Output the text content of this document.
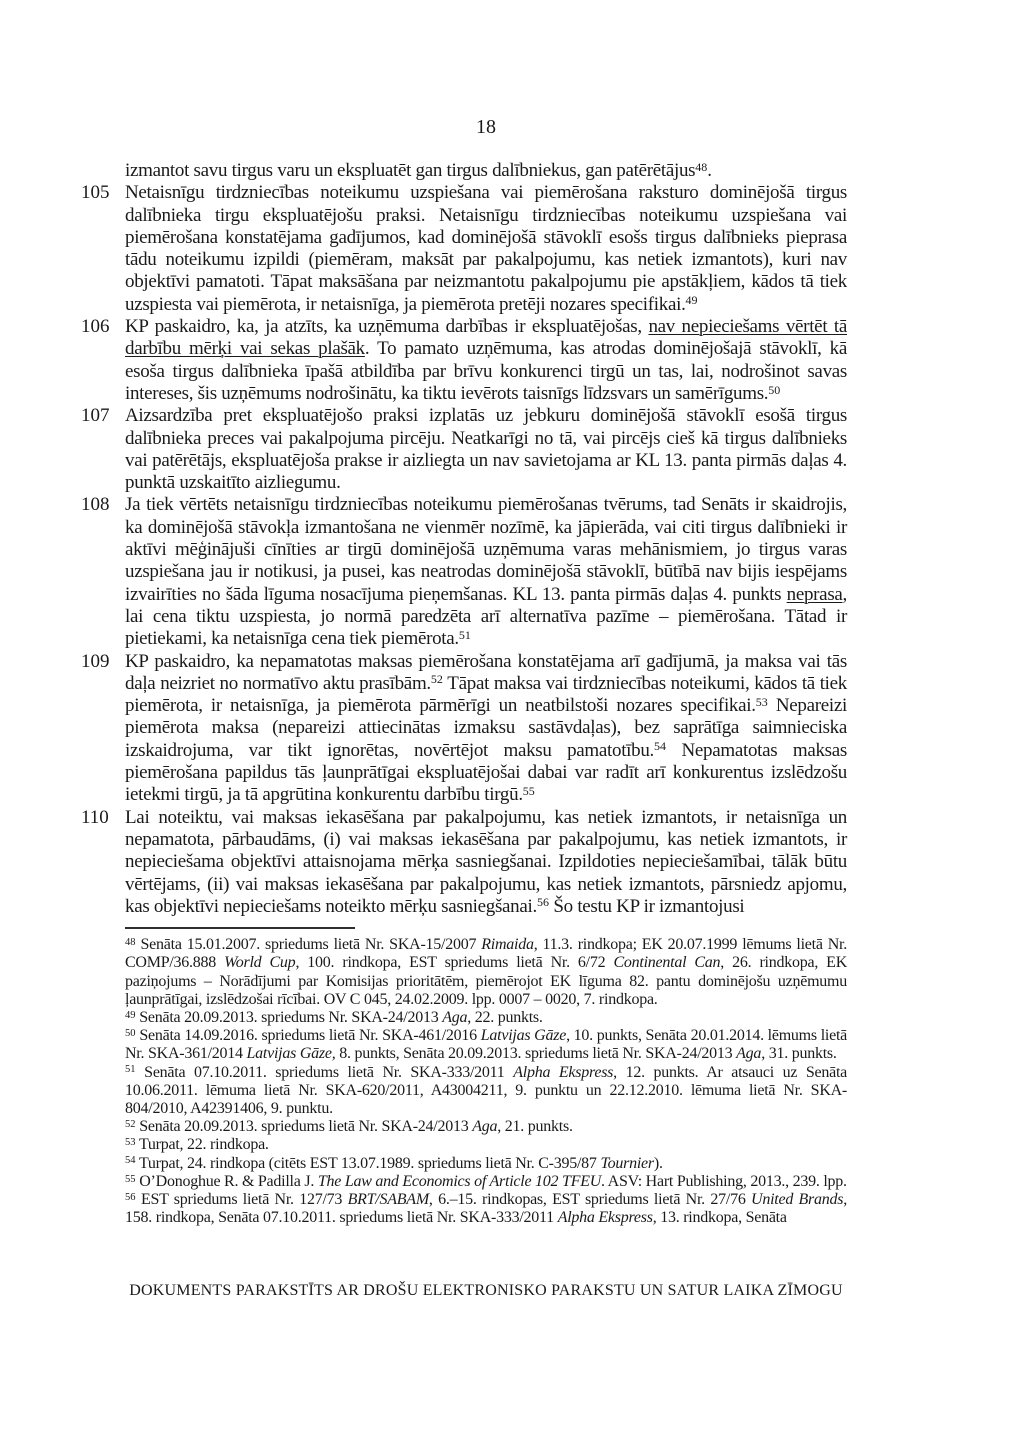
18
izmantot savu tirgus varu un ekspluatēt gan tirgus dalībniekus, gan patērētājus$^{48}$.
105 Netaisnīgu tirdzniecības noteikumu uzspiešana vai piemērošana raksturo dominējošā tirgus dalībnieka tirgu ekspluatējošu praksi. Netaisnīgu tirdzniecības noteikumu uzspiešana vai piemērošana konstatējama gadījumos, kad dominējošā stāvoklī esošs tirgus dalībnieks pieprasa tādu noteikumu izpildi (piemēram, maksāt par pakalpojumu, kas netiek izmantots), kuri nav objektīvi pamatoti. Tāpat maksāšana par neizmantotu pakalpojumu pie apstākļiem, kādos tā tiek uzspiesta vai piemērota, ir netaisnīga, ja piemērota pretēji nozares specifikai.$^{49}$
106 KP paskaidro, ka, ja atzīts, ka uzņēmuma darbības ir ekspluatējošas, nav nepieciešams vērtēt tā darbību mērķi vai sekas plašāk. To pamato uzņēmuma, kas atrodas dominējošajā stāvoklī, kā esoša tirgus dalībnieka īpašā atbildība par brīvu konkurenci tirgū un tas, lai, nodrošinot savas intereses, šis uzņēmums nodrošinātu, ka tiktu ievērots taisnīgs līdzsvars un samērīgums.$^{50}$
107 Aizsardzība pret ekspluatējošo praksi izplatās uz jebkuru dominējošā stāvoklī esošā tirgus dalībnieka preces vai pakalpojuma pircēju. Neatkarīgi no tā, vai pircējs cieš kā tirgus dalībnieks vai patērētājs, ekspluatējoša prakse ir aizliegta un nav savietojama ar KL 13. panta pirmās daļas 4. punktā uzskaitīto aizliegumu.
108 Ja tiek vērtēts netaisnīgu tirdzniecības noteikumu piemērošanas tvērums, tad Senāts ir skaidrojis, ka dominējošā stāvokļa izmantošana ne vienmēr nozīmē, ka jāpierāda, vai citi tirgus dalībnieki ir aktīvi mēģinājuši cīnīties ar tirgū dominējošā uzņēmuma varas mehānismiem, jo tirgus varas uzspiešana jau ir notikusi, ja pusei, kas neatrodas dominējošā stāvoklī, būtībā nav bijis iespējams izvairīties no šāda līguma nosacījuma pieņemšanas. KL 13. panta pirmās daļas 4. punkts neprasa, lai cena tiktu uzspiesta, jo normā paredzēta arī alternatīva pazīme – piemērošana. Tātad ir pietiekami, ka netaisnīga cena tiek piemērota.$^{51}$
109 KP paskaidro, ka nepamatotas maksas piemērošana konstatējama arī gadījumā, ja maksa vai tās daļa neizriet no normatīvo aktu prasībām.$^{52}$ Tāpat maksa vai tirdzniecības noteikumi, kādos tā tiek piemērota, ir netaisnīga, ja piemērota pārmērīgi un neatbilstoši nozares specifikai.$^{53}$ Nepareizi piemērota maksa (nepareizi attiecinātas izmaksu sastāvdaļas), bez saprātīga saimnieciska izskaidrojuma, var tikt ignorētas, novērtējot maksu pamatotību.$^{54}$ Nepamatotas maksas piemērošana papildus tās ļaunprātīgai ekspluatējošai dabai var radīt arī konkurentus izslēdzošu ietekmi tirgū, ja tā apgrūtina konkurentu darbību tirgū.$^{55}$
110 Lai noteiktu, vai maksas iekasēšana par pakalpojumu, kas netiek izmantots, ir netaisnīga un nepamatota, pārbaudāms, (i) vai maksas iekasēšana par pakalpojumu, kas netiek izmantots, ir nepieciešama objektīvi attaisnojama mērķa sasniegšanai. Izpildoties nepieciešamībai, tālāk būtu vērtējams, (ii) vai maksas iekasēšana par pakalpojumu, kas netiek izmantots, pārsniedz apjomu, kas objektīvi nepieciešams noteikto mērķu sasniegšanai.$^{56}$ Šo testu KP ir izmantojusi
$^{48}$ Senāta 15.01.2007. spriedums lietā Nr. SKA-15/2007 Rimaida, 11.3. rindkopa; EK 20.07.1999 lēmums lietā Nr. COMP/36.888 World Cup, 100. rindkopa, EST spriedums lietā Nr. 6/72 Continental Can, 26. rindkopa, EK paziņojums – Norādījumi par Komisijas prioritātēm, piemērojot EK līguma 82. pantu dominējošu uzņēmumu ļaunprātīgai, izslēdzošai rīcībai. OV C 045, 24.02.2009. lpp. 0007 – 0020, 7. rindkopa.
$^{49}$ Senāta 20.09.2013. spriedums Nr. SKA-24/2013 Aga, 22. punkts.
$^{50}$ Senāta 14.09.2016. spriedums lietā Nr. SKA-461/2016 Latvijas Gāze, 10. punkts, Senāta 20.01.2014. lēmums lietā Nr. SKA-361/2014 Latvijas Gāze, 8. punkts, Senāta 20.09.2013. spriedums lietā Nr. SKA-24/2013 Aga, 31. punkts.
$^{51}$ Senāta 07.10.2011. spriedums lietā Nr. SKA-333/2011 Alpha Ekspress, 12. punkts. Ar atsauci uz Senāta 10.06.2011. lēmuma lietā Nr. SKA-620/2011, A43004211, 9. punktu un 22.12.2010. lēmuma lietā Nr. SKA-804/2010, A42391406, 9. punktu.
$^{52}$ Senāta 20.09.2013. spriedums lietā Nr. SKA-24/2013 Aga, 21. punkts.
$^{53}$ Turpat, 22. rindkopa.
$^{54}$ Turpat, 24. rindkopa (citēts EST 13.07.1989. spriedums lietā Nr. C-395/87 Tournier).
$^{55}$ O’Donoghue R. & Padilla J. The Law and Economics of Article 102 TFEU. ASV: Hart Publishing, 2013., 239. lpp.
$^{56}$ EST spriedums lietā Nr. 127/73 BRT/SABAM, 6.–15. rindkopas, EST spriedums lietā Nr. 27/76 United Brands, 158. rindkopa, Senāta 07.10.2011. spriedums lietā Nr. SKA-333/2011 Alpha Ekspress, 13. rindkopa, Senāta
DOKUMENTS PARAKSTĪTS AR DROŠU ELEKTRONISKO PARAKSTU UN SATUR LAIKA ZĪMOGU
